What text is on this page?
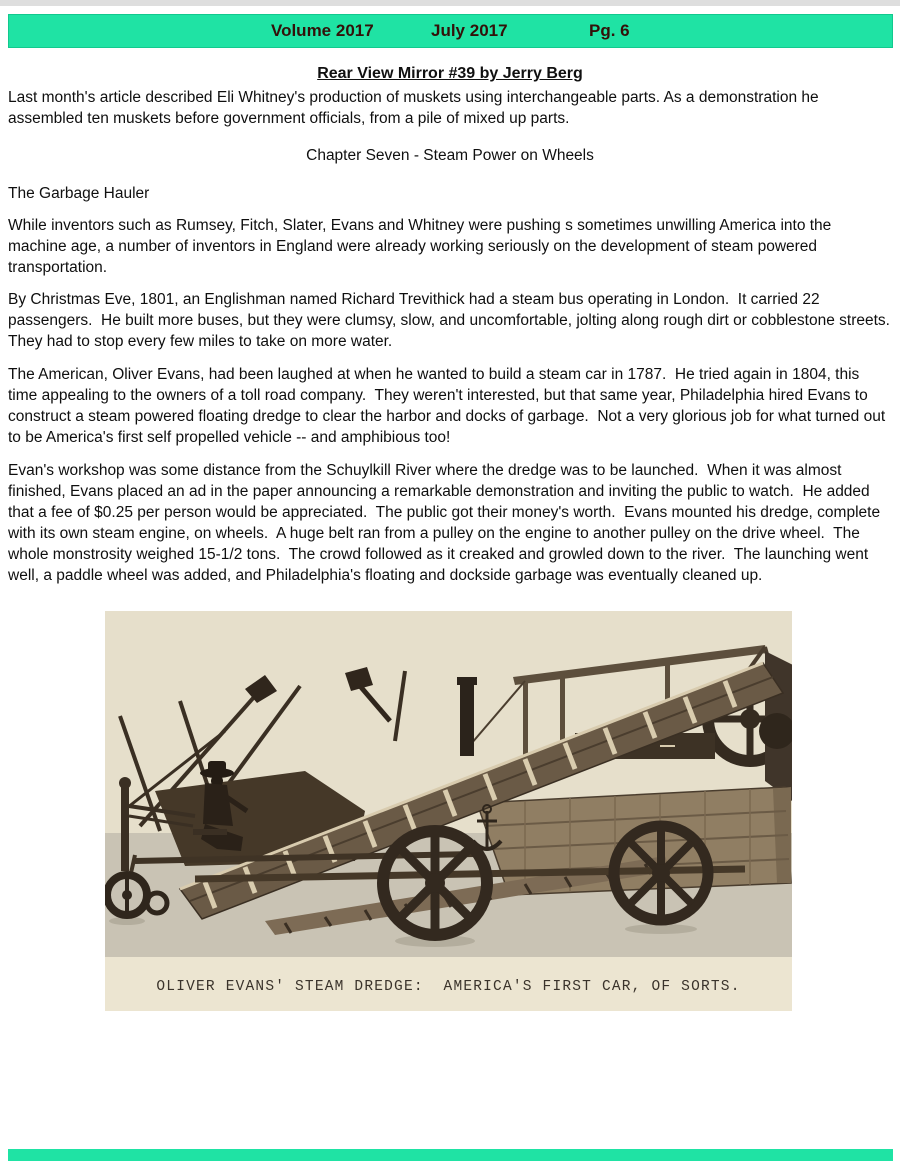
Volume 2017	July 2017	Pg. 6
Rear View Mirror #39 by Jerry Berg

Last month's article described Eli Whitney's production of muskets using interchangeable parts. As a demonstration he assembled ten muskets before government officials, from a pile of mixed up parts.

Chapter Seven - Steam Power on Wheels
The Garbage Hauler

While inventors such as Rumsey, Fitch, Slater, Evans and Whitney were pushing s sometimes unwilling America into the machine age, a number of inventors in England were already working seriously on the development of steam powered transportation.

By Christmas Eve, 1801, an Englishman named Richard Trevithick had a steam bus operating in London.  It carried 22 passengers.  He built more buses, but they were clumsy, slow, and uncomfortable, jolting along rough dirt or cobblestone streets.  They had to stop every few miles to take on more water.

The American, Oliver Evans, had been laughed at when he wanted to build a steam car in 1787.  He tried again in 1804, this time appealing to the owners of a toll road company.  They weren't interested, but that same year, Philadelphia hired Evans to construct a steam powered floating dredge to clear the harbor and docks of garbage.  Not a very glorious job for what turned out to be America's first self propelled vehicle -- and amphibious too!

Evan's workshop was some distance from the Schuylkill River where the dredge was to be launched.  When it was almost finished, Evans placed an ad in the paper announcing a remarkable demonstration and inviting the public to watch.  He added that a fee of $0.25 per person would be appreciated.  The public got their money's worth.  Evans mounted his dredge, complete with its own steam engine, on wheels.  A huge belt ran from a pulley on the engine to another pulley on the drive wheel.  The whole monstrosity weighed 15-1/2 tons.  The crowd followed as it creaked and growled down to the river.  The launching went well, a paddle wheel was added, and Philadelphia's floating and dockside garbage was eventually cleaned up.

OLIVER EVANS' STEAM DREDGE:  AMERICA'S FIRST CAR, OF SORTS.
